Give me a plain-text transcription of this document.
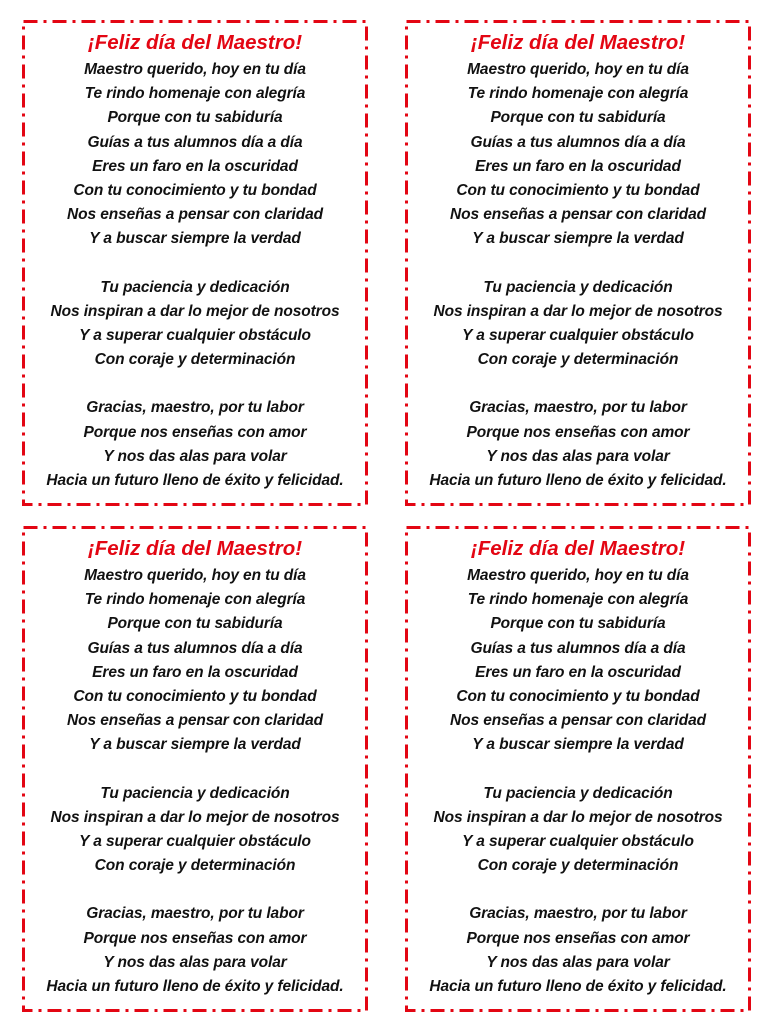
¡Feliz día del Maestro!
Maestro querido, hoy en tu día
Te rindo homenaje con alegría
Porque con tu sabiduría
Guías a tus alumnos día a día
Eres un faro en la oscuridad
Con tu conocimiento y tu bondad
Nos enseñas a pensar con claridad
Y a buscar siempre la verdad
Tu paciencia y dedicación
Nos inspiran a dar lo mejor de nosotros
Y a superar cualquier obstáculo
Con coraje y determinación
Gracias, maestro, por tu labor
Porque nos enseñas con amor
Y nos das alas para volar
Hacia un futuro lleno de éxito y felicidad.
¡Feliz día del Maestro!
Maestro querido, hoy en tu día
Te rindo homenaje con alegría
Porque con tu sabiduría
Guías a tus alumnos día a día
Eres un faro en la oscuridad
Con tu conocimiento y tu bondad
Nos enseñas a pensar con claridad
Y a buscar siempre la verdad
Tu paciencia y dedicación
Nos inspiran a dar lo mejor de nosotros
Y a superar cualquier obstáculo
Con coraje y determinación
Gracias, maestro, por tu labor
Porque nos enseñas con amor
Y nos das alas para volar
Hacia un futuro lleno de éxito y felicidad.
¡Feliz día del Maestro!
Maestro querido, hoy en tu día
Te rindo homenaje con alegría
Porque con tu sabiduría
Guías a tus alumnos día a día
Eres un faro en la oscuridad
Con tu conocimiento y tu bondad
Nos enseñas a pensar con claridad
Y a buscar siempre la verdad
Tu paciencia y dedicación
Nos inspiran a dar lo mejor de nosotros
Y a superar cualquier obstáculo
Con coraje y determinación
Gracias, maestro, por tu labor
Porque nos enseñas con amor
Y nos das alas para volar
Hacia un futuro lleno de éxito y felicidad.
¡Feliz día del Maestro!
Maestro querido, hoy en tu día
Te rindo homenaje con alegría
Porque con tu sabiduría
Guías a tus alumnos día a día
Eres un faro en la oscuridad
Con tu conocimiento y tu bondad
Nos enseñas a pensar con claridad
Y a buscar siempre la verdad
Tu paciencia y dedicación
Nos inspiran a dar lo mejor de nosotros
Y a superar cualquier obstáculo
Con coraje y determinación
Gracias, maestro, por tu labor
Porque nos enseñas con amor
Y nos das alas para volar
Hacia un futuro lleno de éxito y felicidad.
